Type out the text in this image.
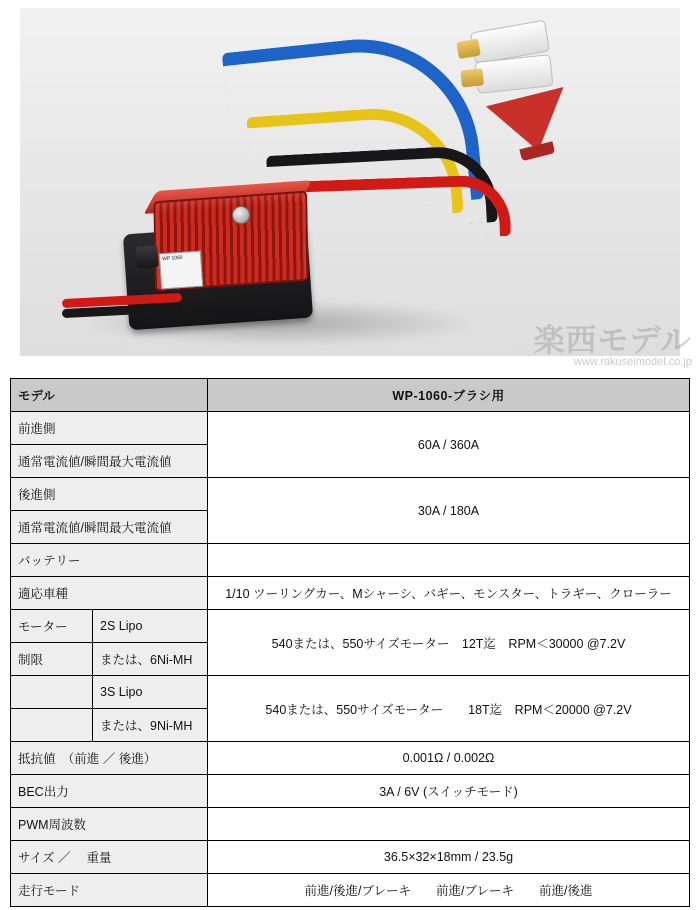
WP 1060
楽西モデル
www.rakuseimodel.co.jp
モデル		WP-1060-ブラシ用
前進側		60A / 360A
通常電流値/瞬間最大電流値		
後進側		30A / 180A
通常電流値/瞬間最大電流値		
バッテリー		
適応車種		1/10 ツーリングカー、Mシャーシ、バギー、モンスター、トラギー、クローラー
モーター	2S Lipo	540または、550サイズモーター　12T迄　RPM＜30000 @7.2V
制限	または、6Ni-MH	
	3S Lipo	540または、550サイズモーター　　18T迄　RPM＜20000 @7.2V
	または、9Ni-MH	
抵抗値　（前進 ／ 後進）		0.001Ω / 0.002Ω
BEC出力		3A / 6V (スイッチモード)
PWM周波数		
サイズ ／ 　重量		36.5×32×18mm / 23.5g
走行モード		前進/後進/ブレーキ　　前進/ブレーキ　　前進/後進
